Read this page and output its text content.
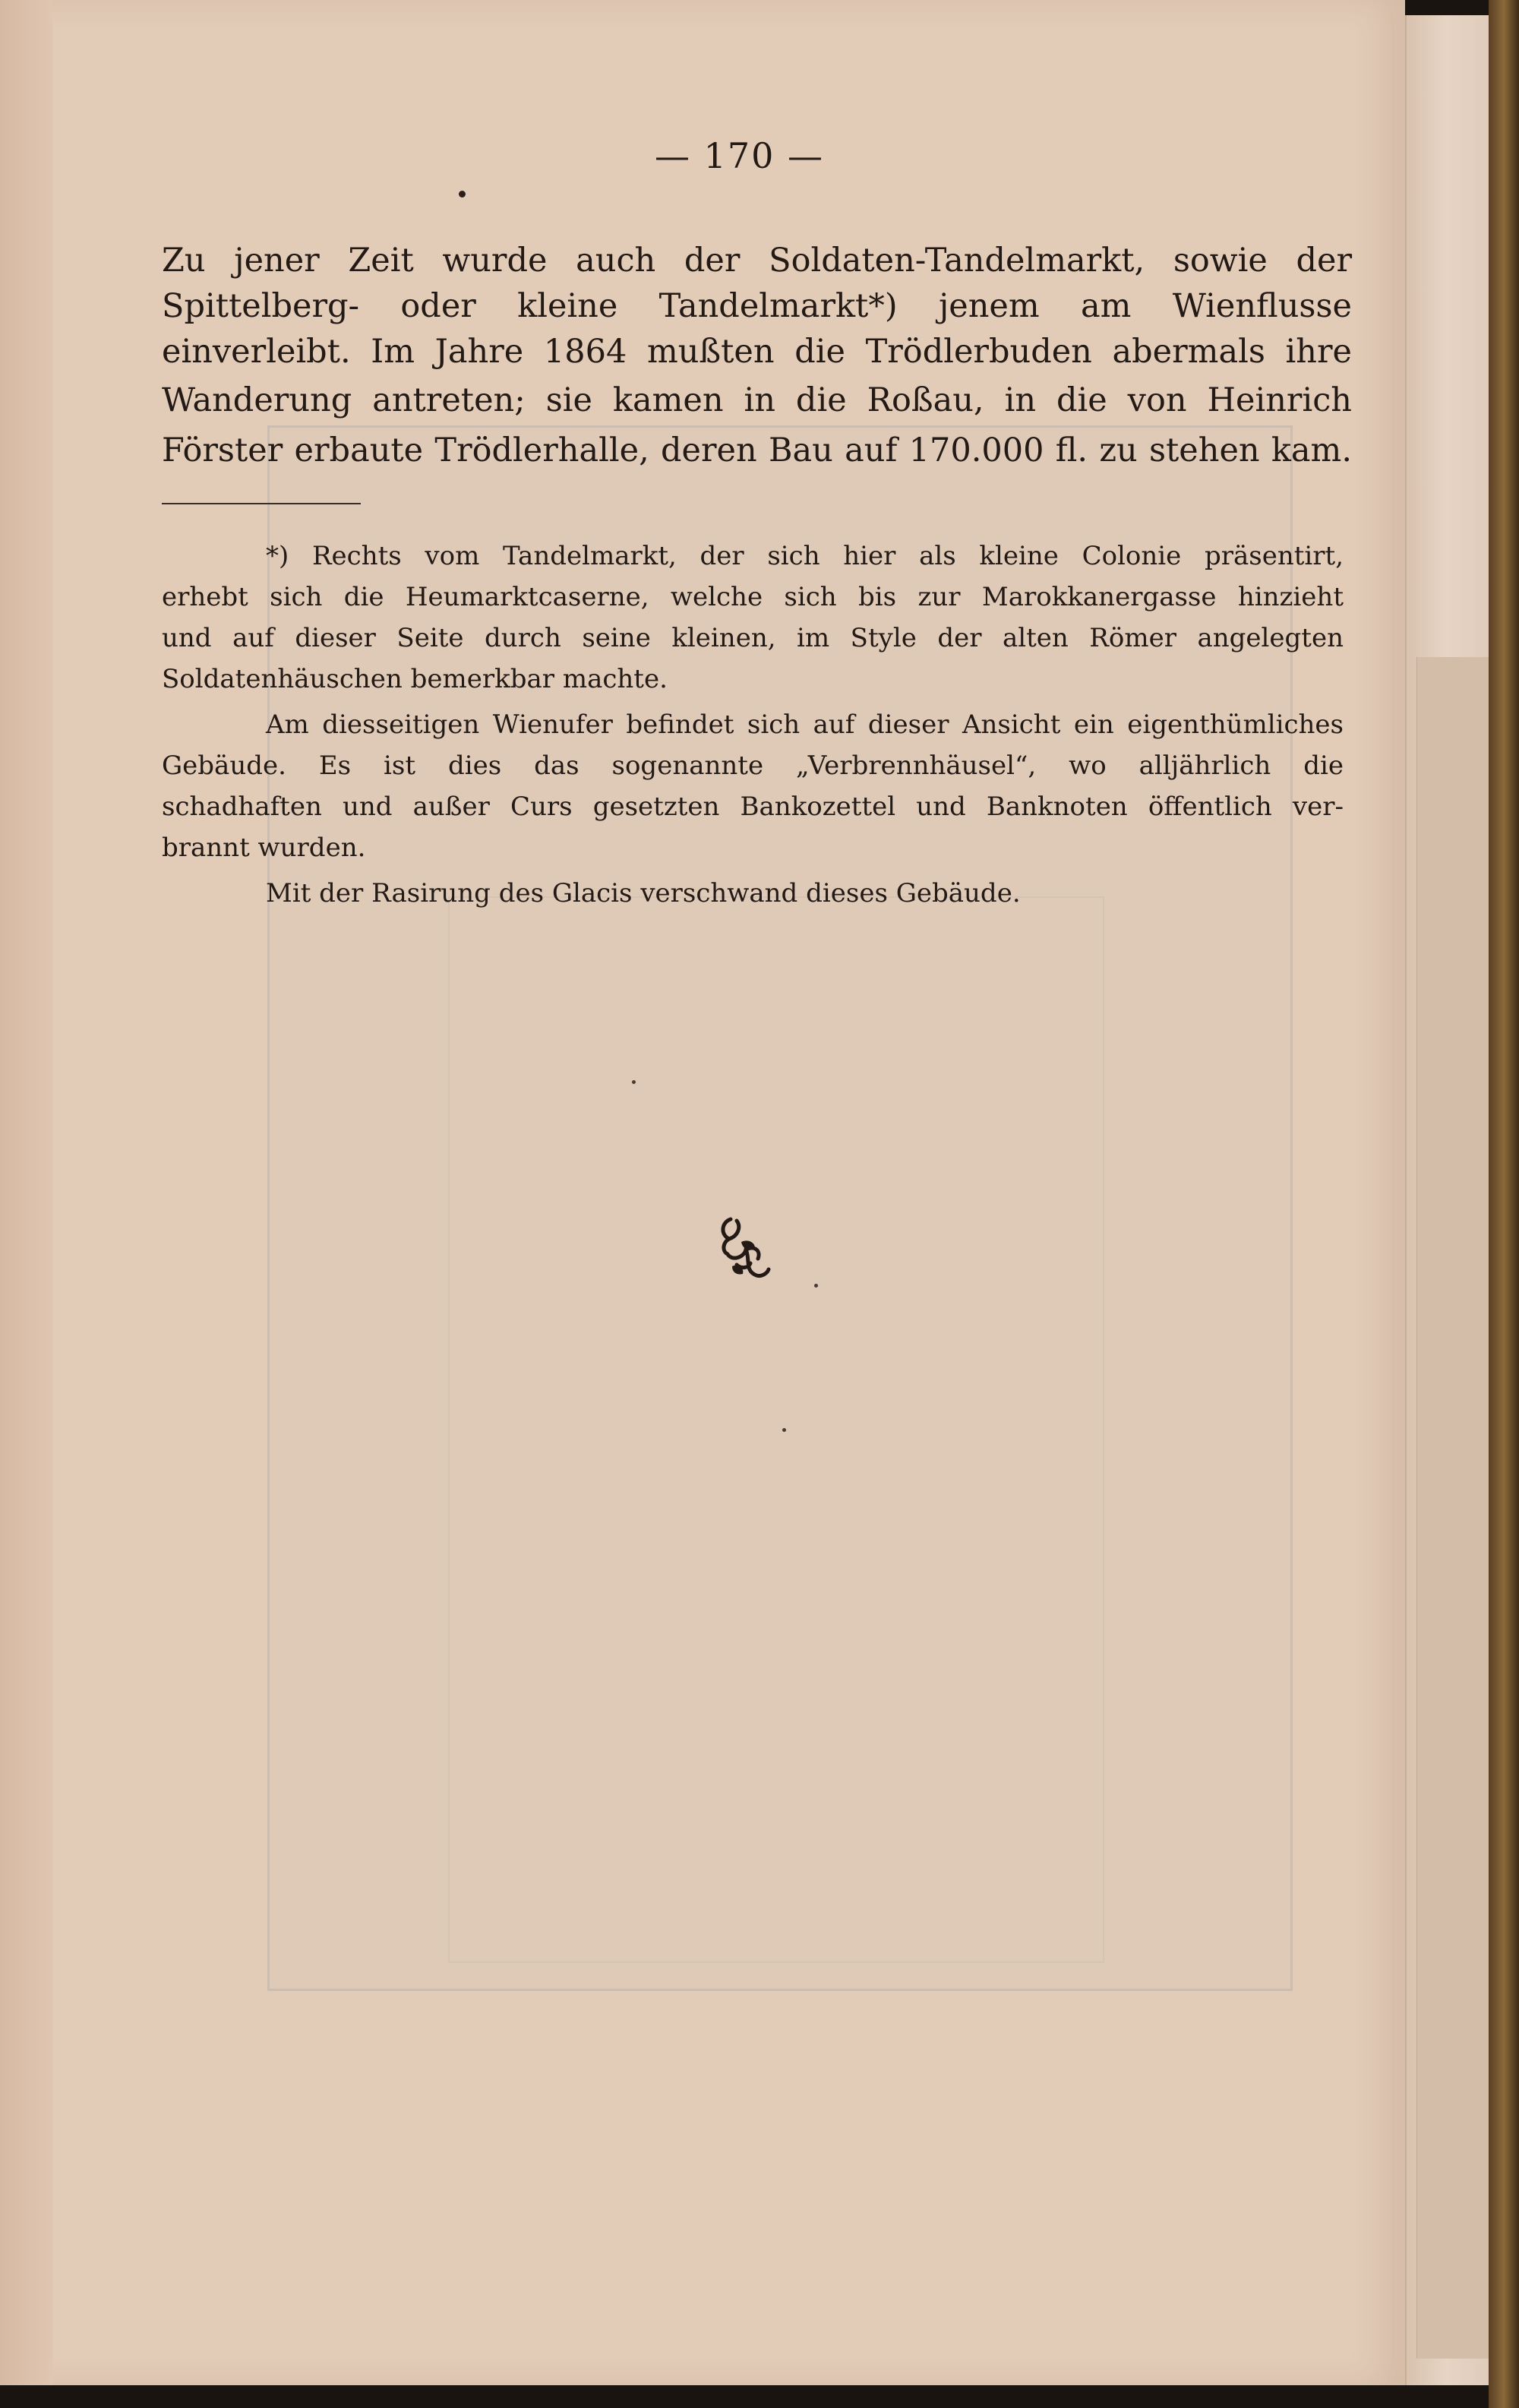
— 170 —
Zu jener Zeit wurde auch der Soldaten-Tandelmarkt, sowie der
Spittelberg- oder kleine Tandelmarkt*) jenem am Wienflusse
einverleibt. Im Jahre 1864 mußten die Trödlerbuden abermals ihre
Wanderung antreten; sie kamen in die Roßau, in die von Heinrich
Förster erbaute Trödlerhalle, deren Bau auf 170.000 fl. zu stehen kam.
*) Rechts vom Tandelmarkt, der sich hier als kleine Colonie präsentirt,
erhebt sich die Heumarktcaserne, welche sich bis zur Marokkanergasse hinzieht
und auf dieser Seite durch seine kleinen, im Style der alten Römer angelegten
Soldatenhäuschen bemerkbar machte.
Am diesseitigen Wienufer befindet sich auf dieser Ansicht ein eigenthümliches
Gebäude. Es ist dies das sogenannte „Verbrennhäusel“, wo alljährlich die
schadhaften und außer Curs gesetzten Bankozettel und Banknoten öffentlich ver-
brannt wurden.
Mit der Rasirung des Glacis verschwand dieses Gebäude.
